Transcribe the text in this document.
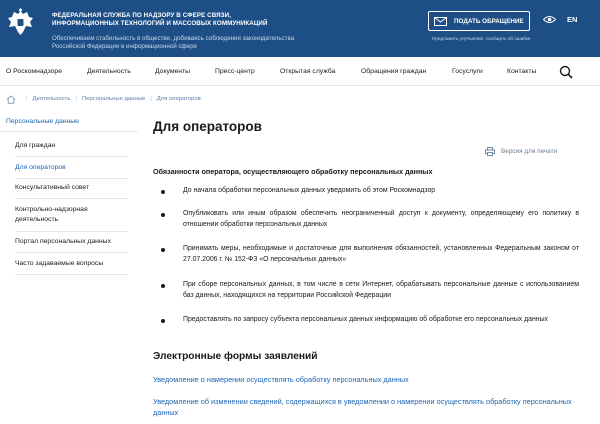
ФЕДЕРАЛЬНАЯ СЛУЖБА ПО НАДЗОРУ В СФЕРЕ СВЯЗИ,
ИНФОРМАЦИОННЫХ ТЕХНОЛОГИЙ И МАССОВЫХ КОММУНИКАЦИЙ
Обеспечиваем стабильность в обществе, добиваясь соблюдения законодательства
Российской Федерации в информационной сфере
ПОДАТЬ ОБРАЩЕНИЕ
Предложить улучшение, сообщить об ошибке
EN
О Роскомнадзоре	Деятельность	Документы	Пресс-центр	Открытая служба	Обращения граждан	Госуслуги	Контакты
| Деятельность | Персональные данные | Для операторов
Персональные данные
Для граждан
Для операторов
Консультативный совет
Контрольно-надзорная деятельность
Портал персональных данных
Часто задаваемые вопросы
Для операторов
Версия для печати
Обязанности оператора, осуществляющего обработку персональных данных
До начала обработки персональных данных уведомить об этом Роскомнадзор
Опубликовать или иным образом обеспечить неограниченный доступ к документу, определяющему его политику в отношении обработки персональных данных
Принимать меры, необходимые и достаточные для выполнения обязанностей, установленных Федеральным законом от 27.07.2006 г. № 152-ФЗ «О персональных данных»
При сборе персональных данных, в том числе в сети Интернет, обрабатывать персональные данные с использованием баз данных, находящихся на территории Российской Федерации
Предоставлять по запросу субъекта персональных данных информацию об обработке его персональных данных
Электронные формы заявлений
Уведомление о намерении осуществлять обработку персональных данных
Уведомление об изменении сведений, содержащихся в уведомлении о намерении осуществлять обработку персональных данных
